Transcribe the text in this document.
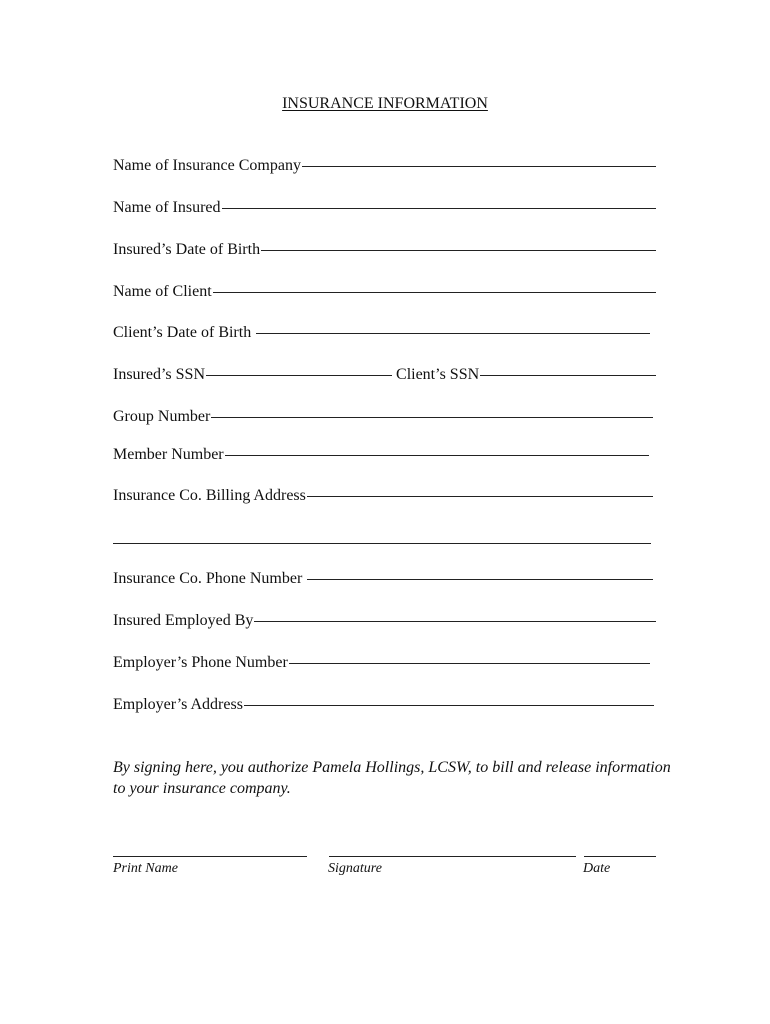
INSURANCE INFORMATION
Name of Insurance Company
Name of Insured
Insured’s Date of Birth
Name of Client
Client’s Date of Birth
Insured’s SSN	Client’s SSN
Group Number
Member Number
Insurance Co. Billing Address
Insurance Co. Phone Number
Insured Employed By
Employer’s Phone Number
Employer’s Address
By signing here, you authorize Pamela Hollings, LCSW, to bill and release information to your insurance company.
Print Name	Signature	Date
